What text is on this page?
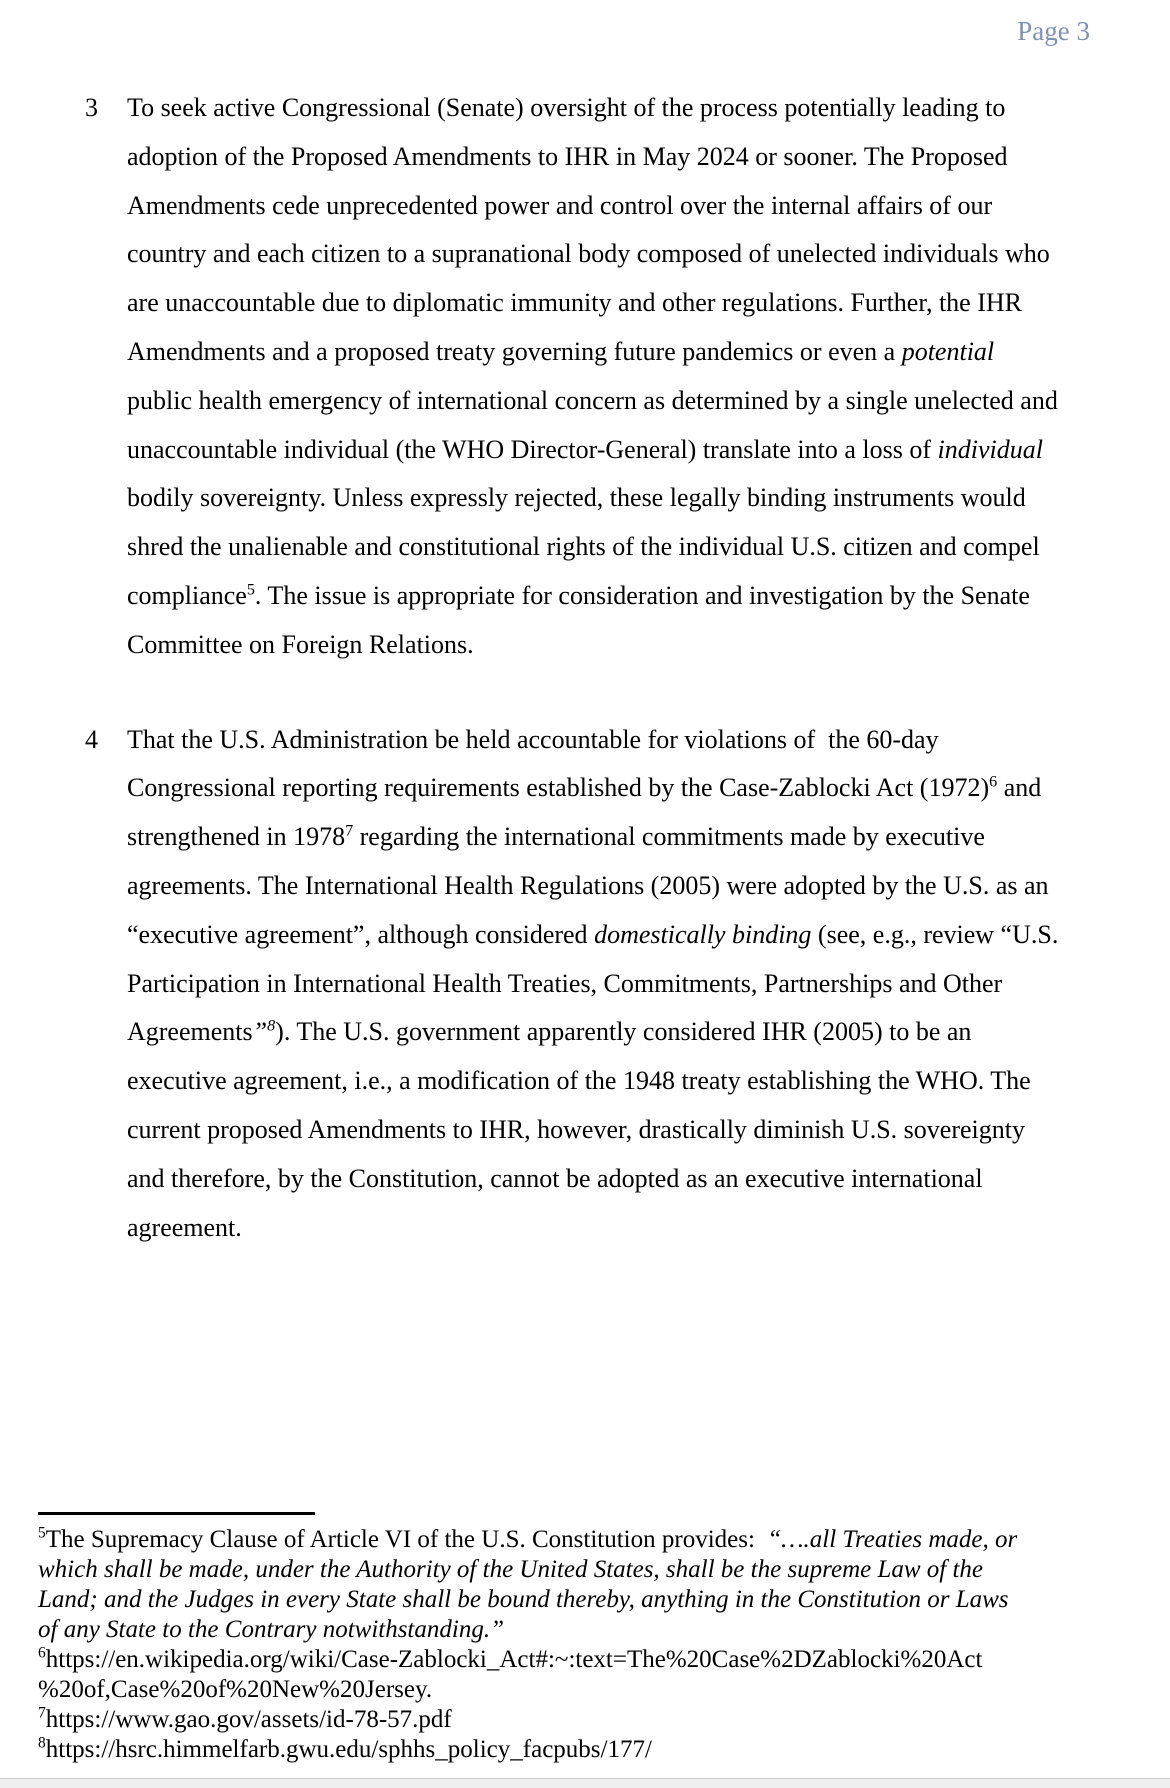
Page 3
3	To seek active Congressional (Senate) oversight of the process potentially leading to
adoption of the Proposed Amendments to IHR in May 2024 or sooner. The Proposed
Amendments cede unprecedented power and control over the internal affairs of our
country and each citizen to a supranational body composed of unelected individuals who
are unaccountable due to diplomatic immunity and other regulations. Further, the IHR
Amendments and a proposed treaty governing future pandemics or even a potential
public health emergency of international concern as determined by a single unelected and
unaccountable individual (the WHO Director-General) translate into a loss of individual
bodily sovereignty. Unless expressly rejected, these legally binding instruments would
shred the unalienable and constitutional rights of the individual U.S. citizen and compel
compliance$^5$. The issue is appropriate for consideration and investigation by the Senate
Committee on Foreign Relations.
4	That the U.S. Administration be held accountable for violations of  the 60-day
Congressional reporting requirements established by the Case-Zablocki Act $(1972)^6$ and
strengthened in 1978$^7$ regarding the international commitments made by executive
agreements. The International Health Regulations (2005) were adopted by the U.S. as an
“executive agreement”, although considered domestically binding (see, e.g., review “U.S.
Participation in International Health Treaties, Commitments, Partnerships and Other
Agreements”$^8$). The U.S. government apparently considered IHR (2005) to be an
executive agreement, i.e., a modification of the 1948 treaty establishing the WHO. The
current proposed Amendments to IHR, however, drastically diminish U.S. sovereignty
and therefore, by the Constitution, cannot be adopted as an executive international
agreement.
$^5$The Supremacy Clause of Article VI of the U.S. Constitution provides:  “….all Treaties made, or
which shall be made, under the Authority of the United States, shall be the supreme Law of the
Land; and the Judges in every State shall be bound thereby, anything in the Constitution or Laws
of any State to the Contrary notwithstanding.”
$^6$https://en.wikipedia.org/wiki/Case-Zablocki_Act#:~:text=The%20Case%2DZablocki%20Act
%20of,Case%20of%20New%20Jersey.
$^7$https://www.gao.gov/assets/id-78-57.pdf
$^8$https://hsrc.himmelfarb.gwu.edu/sphhs_policy_facpubs/177/
